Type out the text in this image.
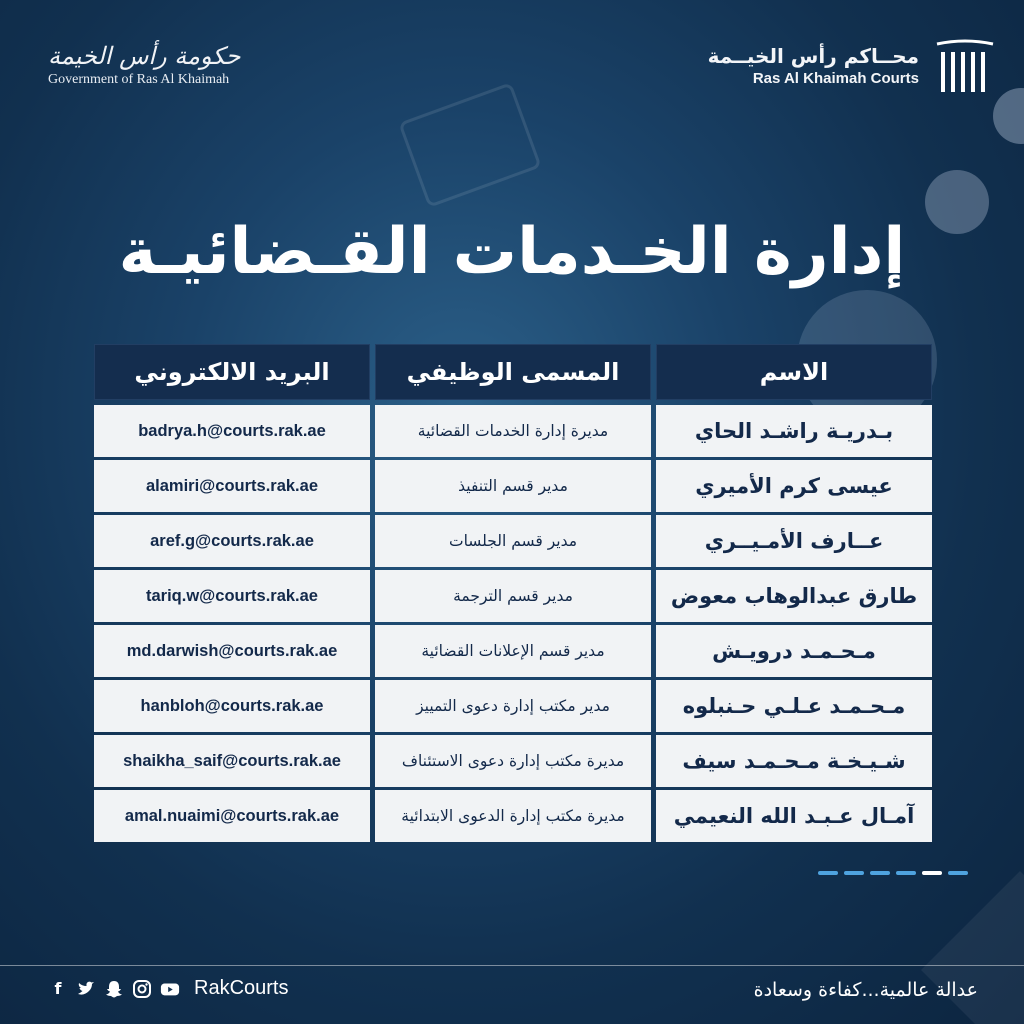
حكومة رأس الخيمة
Government of Ras Al Khaimah
محــاكم رأس الخيــمة
Ras Al Khaimah Courts
إدارة الخـدمات القـضائيـة
الاسم
المسمى الوظيفي
البريد الالكتروني
بـدريـة راشـد الحاي
مديرة إدارة الخدمات القضائية
badrya.h@courts.rak.ae
عيسى كرم الأميري
مدير قسم التنفيذ
alamiri@courts.rak.ae
عــارف الأمـيــري
مدير قسم الجلسات
aref.g@courts.rak.ae
طارق عبدالوهاب معوض
مدير قسم الترجمة
tariq.w@courts.rak.ae
مـحـمـد درويـش
مدير قسم الإعلانات القضائية
md.darwish@courts.rak.ae
مـحـمـد عـلـي حـنبلوه
مدير مكتب إدارة دعوى التمييز
hanbloh@courts.rak.ae
شـيـخـة مـحـمـد سيف
مديرة مكتب إدارة دعوى الاستئناف
shaikha_saif@courts.rak.ae
آمـال عـبـد الله النعيمي
مديرة مكتب إدارة الدعوى الابتدائية
amal.nuaimi@courts.rak.ae
f	RakCourts	عدالة عالمية...كفاءة وسعادة
